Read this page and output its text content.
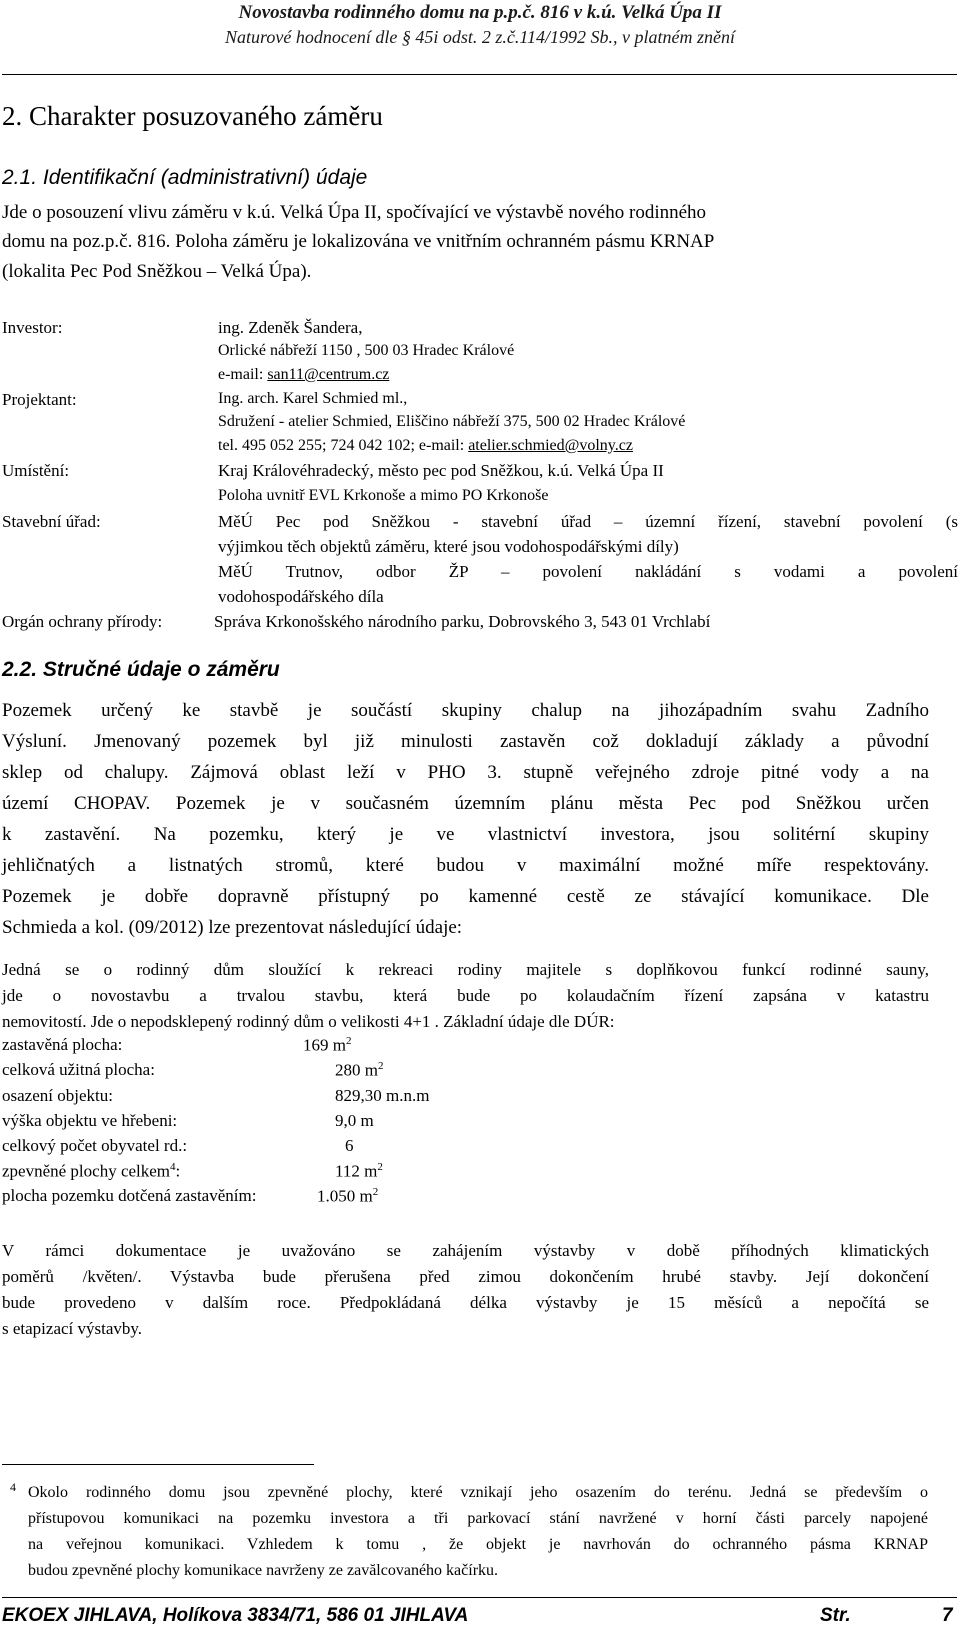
Novostavba rodinného domu na p.p.č. 816 v k.ú. Velká Úpa II
Naturové hodnocení dle § 45i odst. 2 z.č.114/1992 Sb., v platném znění
2. Charakter posuzovaného záměru
2.1. Identifikační (administrativní) údaje
Jde o posouzení vlivu záměru v k.ú. Velká Úpa II, spočívající ve výstavbě nového rodinného
domu na poz.p.č. 816. Poloha záměru je lokalizována ve vnitřním ochranném pásmu KRNAP
(lokalita Pec Pod Sněžkou – Velká Úpa).
Investor:	ing. Zdeněk Šandera,
Orlické nábřeží 1150 , 500 03 Hradec Králové
e-mail: san11@centrum.cz
Projektant:	Ing. arch. Karel Schmied ml.,
Sdružení - atelier Schmied, Eliščino nábřeží 375, 500 02 Hradec Králové
tel. 495 052 255; 724 042 102; e-mail: atelier.schmied@volny.cz
Umístění:	Kraj Královéhradecký, město pec pod Sněžkou, k.ú. Velká Úpa II
Poloha uvnitř EVL Krkonoše a mimo PO Krkonoše
Stavební úřad:	MěÚ Pec pod Sněžkou - stavební úřad – územní řízení, stavební povolení (s
výjimkou těch objektů záměru, které jsou vodohospodářskými díly)
MěÚ Trutnov, odbor ŽP – povolení nakládání s vodami a povolení
vodohospodářského díla
Orgán ochrany přírody:	Správa Krkonošského národního parku, Dobrovského 3, 543 01 Vrchlabí
2.2. Stručné údaje o záměru
Pozemek určený ke stavbě je součástí skupiny chalup na jihozápadním svahu Zadního
Výsluní. Jmenovaný pozemek byl již minulosti zastavěn což dokladují základy a původní
sklep od chalupy. Zájmová oblast leží v PHO 3. stupně veřejného zdroje pitné vody a na
území CHOPAV. Pozemek je v současném územním plánu města Pec pod Sněžkou určen
k zastavění. Na pozemku, který je ve vlastnictví investora, jsou solitérní skupiny
jehličnatých a listnatých stromů, které budou v maximální možné míře respektovány.
Pozemek je dobře dopravně přístupný po kamenné cestě ze stávající komunikace. Dle
Schmieda a kol. (09/2012) lze prezentovat následující údaje:
Jedná se o rodinný dům sloužící k rekreaci rodiny majitele s doplňkovou funkcí rodinné sauny,
jde o novostavbu a trvalou stavbu, která bude po kolaudačním řízení zapsána v katastru
nemovitostí. Jde o nepodsklepený rodinný dům o velikosti 4+1 . Základní údaje dle DÚR:
zastavěná plocha:	169 $m^2$
celková užitná plocha:	280 $m^2$
osazení objektu:	829,30 m.n.m
výška objektu ve hřebeni:	9,0 m
celkový počet obyvatel rd.:	6
zpevněné plochy celkem$^4$:	112 $m^2$
plocha pozemku dotčená zastavěním:	1.050 $m^2$
V rámci dokumentace je uvažováno se zahájením výstavby v době příhodných klimatických
poměrů /květen/. Výstavba bude přerušena před zimou dokončením hrubé stavby. Její dokončení
bude provedeno v dalším roce. Předpokládaná délka výstavby je 15 měsíců a nepočítá se
s etapizací výstavby.
4 Okolo rodinného domu jsou zpevněné plochy, které vznikají jeho osazením do terénu. Jedná se především o
přístupovou komunikaci na pozemku investora a tři parkovací stání navržené v horní části parcely napojené
na veřejnou komunikaci. Vzhledem k tomu , že objekt je navrhován do ochranného pásma KRNAP
budou zpevněné plochy komunikace navrženy ze zavălcovaného kačírku.
EKOEX JIHLAVA, Holíkova 3834/71, 586 01 JIHLAVA	Str.	7
